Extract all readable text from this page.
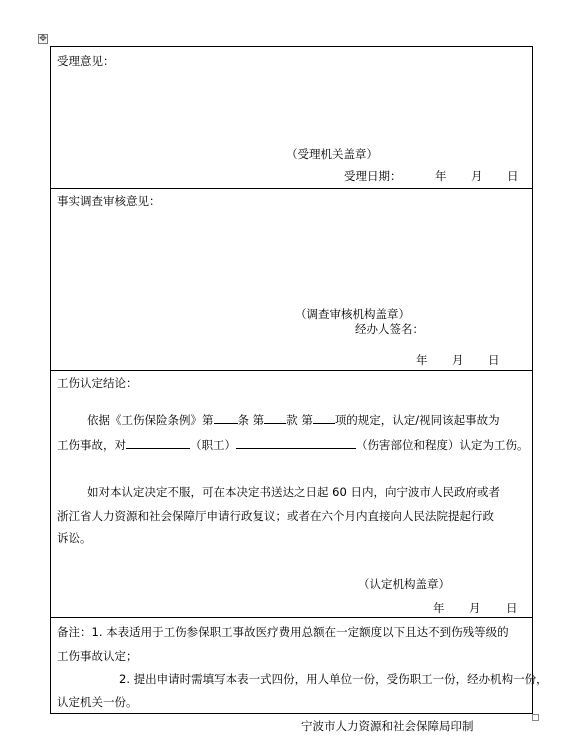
✥
受理意见：
（受理机关盖章）
受理日期：	年 月 日
事实调查审核意见：
（调查审核机构盖章）
经办人签名：
年 月 日
工伤认定结论：
依据《工伤保险条例》第 条 第 款 第 项的规定，认定/视同该起事故为
工伤事故，对	（职工）	（伤害部位和程度）认定为工伤。
如对本认定决定不服，可在本决定书送达之日起 60 日内，向宁波市人民政府或者
浙江省人力资源和社会保障厅申请行政复议；或者在六个月内直接向人民法院提起行政
诉讼。
（认定机构盖章）
年 月 日
备注：1. 本表适用于工伤参保职工事故医疗费用总额在一定额度以下且达不到伤残等级的
工伤事故认定；
2. 提出申请时需填写本表一式四份，用人单位一份，受伤职工一份，经办机构一份，
认定机关一份。
宁波市人力资源和社会保障局印制
